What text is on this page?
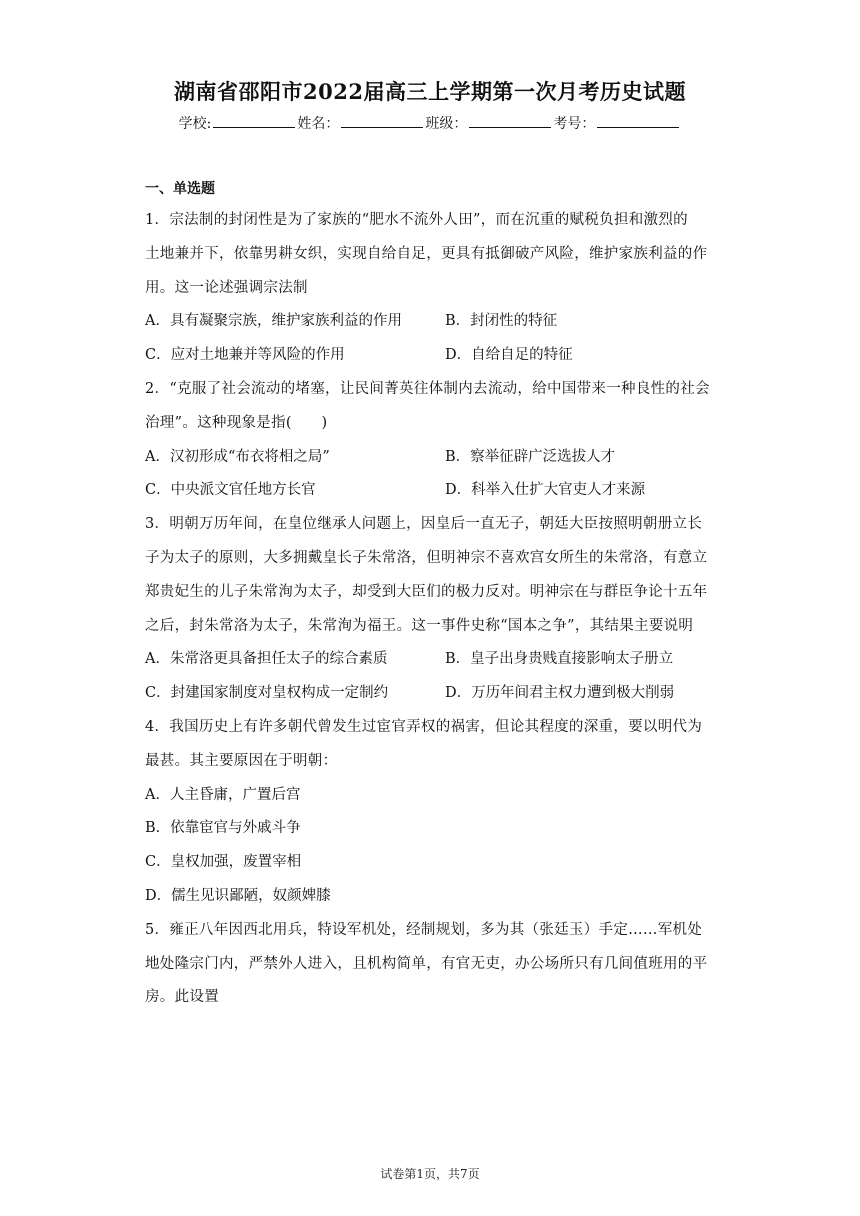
湖南省邵阳市2022届高三上学期第一次月考历史试题
学校:	姓名：	班级：	考号：
一、单选题
1．宗法制的封闭性是为了家族的“肥水不流外人田”，而在沉重的赋税负担和激烈的
土地兼并下，依靠男耕女织，实现自给自足，更具有抵御破产风险，维护家族利益的作
用。这一论述强调宗法制
A．具有凝聚宗族，维护家族利益的作用	B．封闭性的特征
C．应对土地兼并等风险的作用	D．自给自足的特征
2．“克服了社会流动的堵塞，让民间菁英往体制内去流动，给中国带来一种良性的社会
治理”。这种现象是指(　　)
A．汉初形成“布衣将相之局”	B．察举征辟广泛选拔人才
C．中央派文官任地方长官	D．科举入仕扩大官吏人才来源
3．明朝万历年间，在皇位继承人问题上，因皇后一直无子，朝廷大臣按照明朝册立长
子为太子的原则，大多拥戴皇长子朱常洛，但明神宗不喜欢宫女所生的朱常洛，有意立
郑贵妃生的儿子朱常洵为太子，却受到大臣们的极力反对。明神宗在与群臣争论十五年
之后，封朱常洛为太子，朱常洵为福王。这一事件史称“国本之争”，其结果主要说明
A．朱常洛更具备担任太子的综合素质	B．皇子出身贵贱直接影响太子册立
C．封建国家制度对皇权构成一定制约	D．万历年间君主权力遭到极大削弱
4．我国历史上有许多朝代曾发生过宦官弄权的祸害，但论其程度的深重，要以明代为
最甚。其主要原因在于明朝：
A．人主昏庸，广置后宫
B．依靠宦官与外戚斗争
C．皇权加强，废置宰相
D．儒生见识鄙陋，奴颜婢膝
5．雍正八年因西北用兵，特设军机处，经制规划，多为其（张廷玉）手定……军机处
地处隆宗门内，严禁外人进入，且机构简单，有官无吏，办公场所只有几间值班用的平
房。此设置
试卷第1页，共7页
